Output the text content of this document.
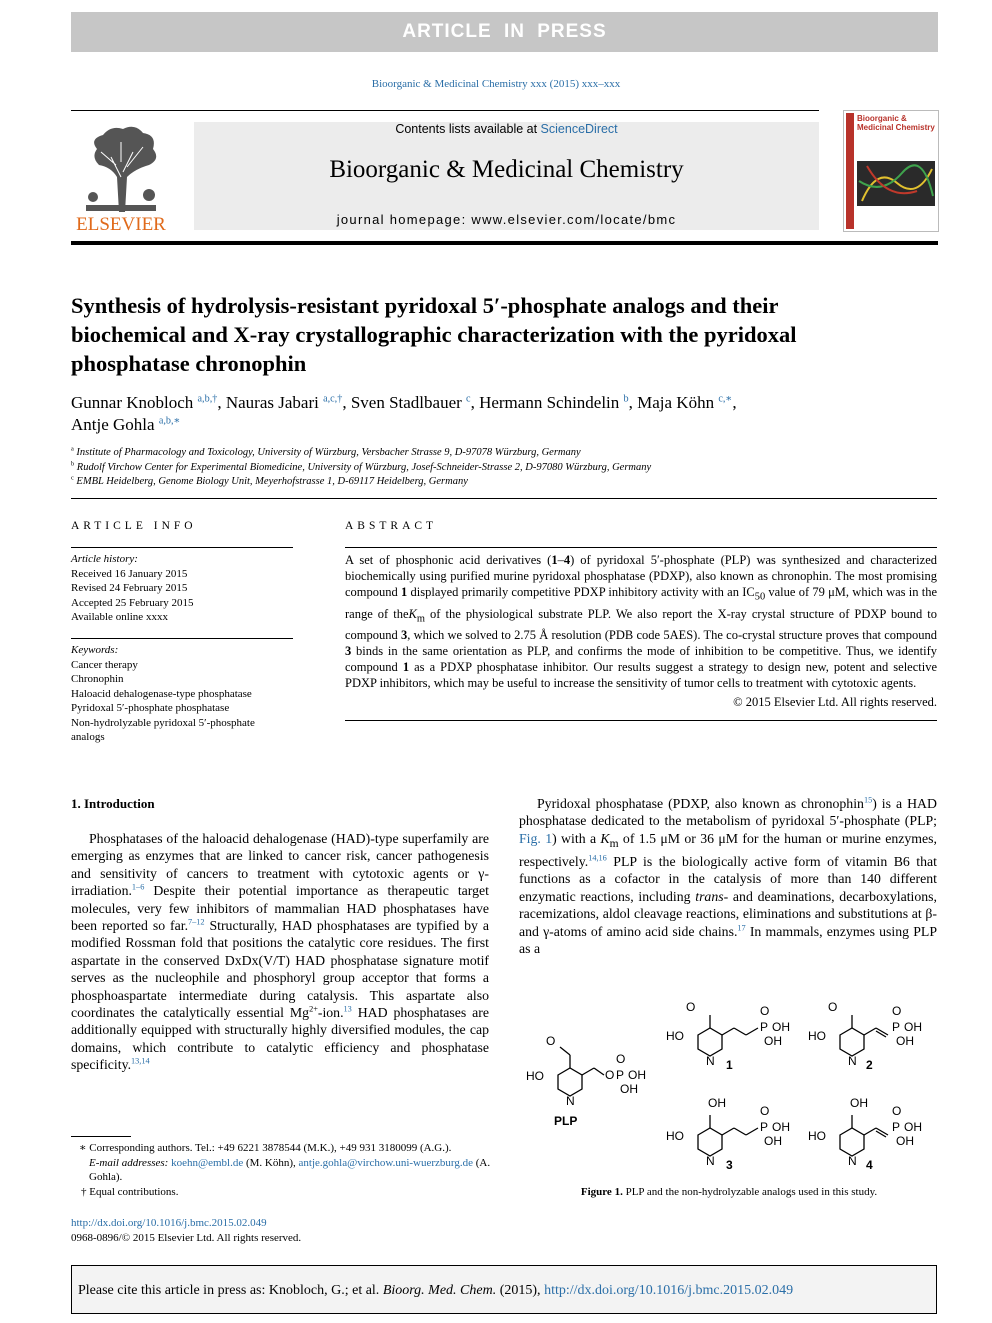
ARTICLE IN PRESS
Bioorganic & Medicinal Chemistry xxx (2015) xxx–xxx
ELSEVIER
Contents lists available at ScienceDirect
Bioorganic & Medicinal Chemistry
journal homepage: www.elsevier.com/locate/bmc
Bioorganic & Medicinal Chemistry
Synthesis of hydrolysis-resistant pyridoxal 5′-phosphate analogs and their biochemical and X-ray crystallographic characterization with the pyridoxal phosphatase chronophin
Gunnar Knobloch $^{a,b,\dagger}$, Nauras Jabari $^{a,c,\dagger}$, Sven Stadlbauer $^c$, Hermann Schindelin $^b$, Maja Köhn $^{c,∗}$,
Antje Gohla $^{a,b,∗}$
$^a$ Institute of Pharmacology and Toxicology, University of Würzburg, Versbacher Strasse 9, D-97078 Würzburg, Germany
$^b$ Rudolf Virchow Center for Experimental Biomedicine, University of Würzburg, Josef-Schneider-Strasse 2, D-97080 Würzburg, Germany
$^c$ EMBL Heidelberg, Genome Biology Unit, Meyerhofstrasse 1, D-69117 Heidelberg, Germany
ARTICLE INFO
Article history:
Received 16 January 2015
Revised 24 February 2015
Accepted 25 February 2015
Available online xxxx
Keywords:
Cancer therapy
Chronophin
Haloacid dehalogenase-type phosphatase
Pyridoxal 5′-phosphate phosphatase
Non-hydrolyzable pyridoxal 5′-phosphate
analogs
ABSTRACT
A set of phosphonic acid derivatives (1–4) of pyridoxal 5′-phosphate (PLP) was synthesized and characterized biochemically using purified murine pyridoxal phosphatase (PDXP), also known as chronophin. The most promising compound 1 displayed primarily competitive PDXP inhibitory activity with an $IC_{50}$ value of 79 μM, which was in the range of theK$_m$ of the physiological substrate PLP. We also report the X-ray crystal structure of PDXP bound to compound 3, which we solved to 2.75 Å resolution (PDB code 5AES). The co-crystal structure proves that compound 3 binds in the same orientation as PLP, and confirms the mode of inhibition to be competitive. Thus, we identify compound 1 as a PDXP phosphatase inhibitor. Our results suggest a strategy to design new, potent and selective PDXP inhibitors, which may be useful to increase the sensitivity of tumor cells to treatment with cytotoxic agents.
© 2015 Elsevier Ltd. All rights reserved.
1. Introduction
Phosphatases of the haloacid dehalogenase (HAD)-type superfamily are emerging as enzymes that are linked to cancer risk, cancer pathogenesis and sensitivity of cancers to treatment with cytotoxic agents or γ-irradiation.$^{1-6}$ Despite their potential importance as therapeutic target molecules, very few inhibitors of mammalian HAD phosphatases have been reported so far.$^{7-12}$ Structurally, HAD phosphatases are typified by a modified Rossman fold that positions the catalytic core residues. The first aspartate in the conserved DxDx(V/T) HAD phosphatase signature motif serves as the nucleophile and phosphoryl group acceptor that forms a phosphoaspartate intermediate during catalysis. This aspartate also coordinates the catalytically essential $Mg^{2+}-ion.^{13}$ HAD phosphatases are additionally equipped with structurally highly diversified modules, the cap domains, which contribute to catalytic efficiency and phosphatase specificity.$^{13,14}$
Pyridoxal phosphatase (PDXP, also known as chronophin$^{15}$) is a HAD phosphatase dedicated to the metabolism of pyridoxal 5′-phosphate (PLP; Fig. 1) with a $K_m$ of 1.5 μM or 36 μM for the human or murine enzymes, respectively.$^{14,16}$ PLP is the biologically active form of vitamin B6 that functions as a cofactor in the catalysis of more than 140 different enzymatic reactions, including trans- and deaminations, decarboxylations, racemizations, aldol cleavage reactions, eliminations and substitutions at β- and γ-atoms of amino acid side chains.$^{17}$ In mammals, enzymes using PLP as a
O
HO
N
O P OH
O
OH
PLP
O
HO
N
P OH
O
OH
1
O
HO
N
P OH
O
OH
2
OH
HO
N
P OH
O
OH
3
OH
HO
N
P OH
O
OH
4
Figure 1. PLP and the non-hydrolyzable analogs used in this study.
∗ Corresponding authors. Tel.: +49 6221 3878544 (M.K.), +49 931 3180099 (A.G.).
E-mail addresses: koehn@embl.de (M. Köhn), antje.gohla@virchow.uni-wuerzburg.de (A. Gohla).
† Equal contributions.
http://dx.doi.org/10.1016/j.bmc.2015.02.049
0968-0896/© 2015 Elsevier Ltd. All rights reserved.
Please cite this article in press as: Knobloch, G.; et al. Bioorg. Med. Chem. (2015), http://dx.doi.org/10.1016/j.bmc.2015.02.049
